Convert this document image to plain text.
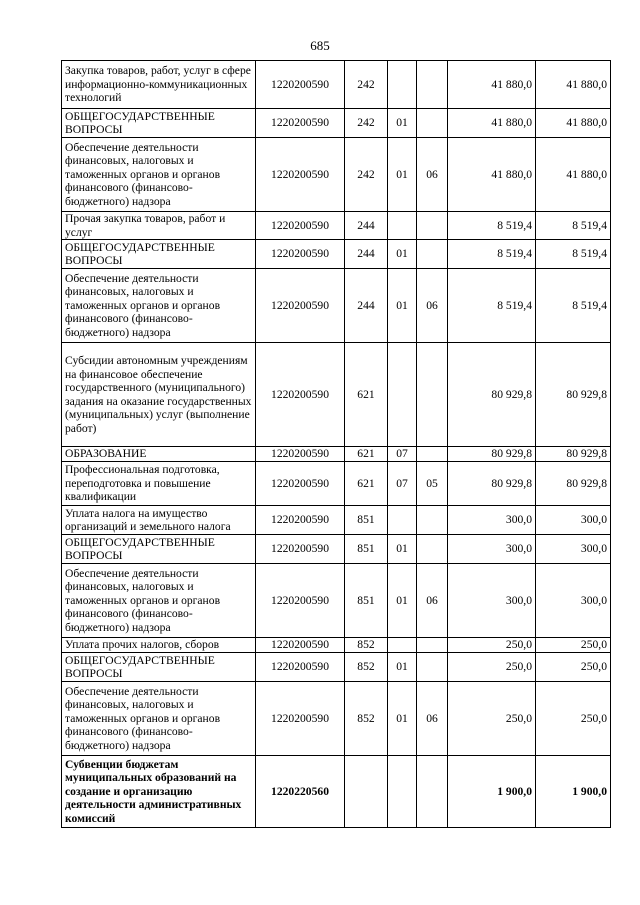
685
Закупка товаров, работ, услуг в сфере информационно-коммуникационных технологий	1220200590	242			41 880,0	41 880,0
ОБЩЕГОСУДАРСТВЕННЫЕ ВОПРОСЫ	1220200590	242	01		41 880,0	41 880,0
Обеспечение деятельности финансовых, налоговых и таможенных органов и органов финансового (финансово-бюджетного) надзора	1220200590	242	01	06	41 880,0	41 880,0
Прочая закупка товаров, работ и услуг	1220200590	244			8 519,4	8 519,4
ОБЩЕГОСУДАРСТВЕННЫЕ ВОПРОСЫ	1220200590	244	01		8 519,4	8 519,4
Обеспечение деятельности финансовых, налоговых и таможенных органов и органов финансового (финансово-бюджетного) надзора	1220200590	244	01	06	8 519,4	8 519,4
Субсидии автономным учреждениям на финансовое обеспечение государственного (муниципального) задания на оказание государственных (муниципальных) услуг (выполнение работ)	1220200590	621			80 929,8	80 929,8
ОБРАЗОВАНИЕ	1220200590	621	07		80 929,8	80 929,8
Профессиональная подготовка, переподготовка и повышение квалификации	1220200590	621	07	05	80 929,8	80 929,8
Уплата налога на имущество организаций и земельного налога	1220200590	851			300,0	300,0
ОБЩЕГОСУДАРСТВЕННЫЕ ВОПРОСЫ	1220200590	851	01		300,0	300,0
Обеспечение деятельности финансовых, налоговых и таможенных органов и органов финансового (финансово-бюджетного) надзора	1220200590	851	01	06	300,0	300,0
Уплата прочих налогов, сборов	1220200590	852			250,0	250,0
ОБЩЕГОСУДАРСТВЕННЫЕ ВОПРОСЫ	1220200590	852	01		250,0	250,0
Обеспечение деятельности финансовых, налоговых и таможенных органов и органов финансового (финансово-бюджетного) надзора	1220200590	852	01	06	250,0	250,0
Субвенции бюджетам муниципальных образований на создание и организацию деятельности административных комиссий	1220220560				1 900,0	1 900,0
